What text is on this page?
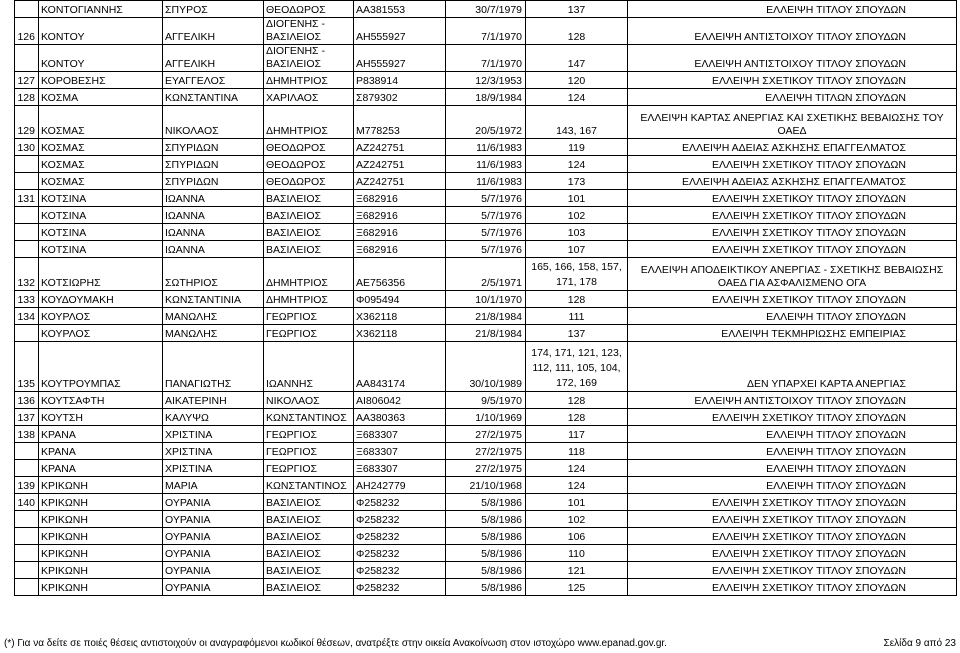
	ΚΟΝΤΟΓΙΑΝΝΗΣ	ΣΠΥΡΟΣ	ΘΕΟΔΩΡΟΣ	ΑΑ381553	30/7/1979	137	ΕΛΛΕΙΨΗ ΤΙΤΛΟΥ ΣΠΟΥΔΩΝ
126	ΚΟΝΤΟΥ	ΑΓΓΕΛΙΚΗ	ΔΙΟΓΕΝΗΣ - ΒΑΣΙΛΕΙΟΣ	ΑΗ555927	7/1/1970	128	ΕΛΛΕΙΨΗ ΑΝΤΙΣΤΟΙΧΟΥ ΤΙΤΛΟΥ ΣΠΟΥΔΩΝ
	ΚΟΝΤΟΥ	ΑΓΓΕΛΙΚΗ	ΔΙΟΓΕΝΗΣ - ΒΑΣΙΛΕΙΟΣ	ΑΗ555927	7/1/1970	147	ΕΛΛΕΙΨΗ ΑΝΤΙΣΤΟΙΧΟΥ ΤΙΤΛΟΥ ΣΠΟΥΔΩΝ
127	ΚΟΡΟΒΕΣΗΣ	ΕΥΑΓΓΕΛΟΣ	ΔΗΜΗΤΡΙΟΣ	Ρ838914	12/3/1953	120	ΕΛΛΕΙΨΗ ΣΧΕΤΙΚΟΥ ΤΙΤΛΟΥ ΣΠΟΥΔΩΝ
128	ΚΟΣΜΑ	ΚΩΝΣΤΑΝΤΙΝΑ	ΧΑΡΙΛΑΟΣ	Σ879302	18/9/1984	124	ΕΛΛΕΙΨΗ ΤΙΤΛΩΝ ΣΠΟΥΔΩΝ
129	ΚΟΣΜΑΣ	ΝΙΚΟΛΑΟΣ	ΔΗΜΗΤΡΙΟΣ	Μ778253	20/5/1972	143, 167	ΕΛΛΕΙΨΗ ΚΑΡΤΑΣ ΑΝΕΡΓΙΑΣ ΚΑΙ ΣΧΕΤΙΚΗΣ ΒΕΒΑΙΩΣΗΣ ΤΟΥ ΟΑΕΔ
130	ΚΟΣΜΑΣ	ΣΠΥΡΙΔΩΝ	ΘΕΟΔΩΡΟΣ	ΑΖ242751	11/6/1983	119	ΕΛΛΕΙΨΗ ΑΔΕΙΑΣ ΑΣΚΗΣΗΣ ΕΠΑΓΓΕΛΜΑΤΟΣ
	ΚΟΣΜΑΣ	ΣΠΥΡΙΔΩΝ	ΘΕΟΔΩΡΟΣ	ΑΖ242751	11/6/1983	124	ΕΛΛΕΙΨΗ ΣΧΕΤΙΚΟΥ ΤΙΤΛΟΥ ΣΠΟΥΔΩΝ
	ΚΟΣΜΑΣ	ΣΠΥΡΙΔΩΝ	ΘΕΟΔΩΡΟΣ	ΑΖ242751	11/6/1983	173	ΕΛΛΕΙΨΗ ΑΔΕΙΑΣ ΑΣΚΗΣΗΣ ΕΠΑΓΓΕΛΜΑΤΟΣ
131	ΚΟΤΣΙΝΑ	ΙΩΑΝΝΑ	ΒΑΣΙΛΕΙΟΣ	Ξ682916	5/7/1976	101	ΕΛΛΕΙΨΗ ΣΧΕΤΙΚΟΥ ΤΙΤΛΟΥ ΣΠΟΥΔΩΝ
	ΚΟΤΣΙΝΑ	ΙΩΑΝΝΑ	ΒΑΣΙΛΕΙΟΣ	Ξ682916	5/7/1976	102	ΕΛΛΕΙΨΗ ΣΧΕΤΙΚΟΥ ΤΙΤΛΟΥ ΣΠΟΥΔΩΝ
	ΚΟΤΣΙΝΑ	ΙΩΑΝΝΑ	ΒΑΣΙΛΕΙΟΣ	Ξ682916	5/7/1976	103	ΕΛΛΕΙΨΗ ΣΧΕΤΙΚΟΥ ΤΙΤΛΟΥ ΣΠΟΥΔΩΝ
	ΚΟΤΣΙΝΑ	ΙΩΑΝΝΑ	ΒΑΣΙΛΕΙΟΣ	Ξ682916	5/7/1976	107	ΕΛΛΕΙΨΗ ΣΧΕΤΙΚΟΥ ΤΙΤΛΟΥ ΣΠΟΥΔΩΝ
132	ΚΟΤΣΙΩΡΗΣ	ΣΩΤΗΡΙΟΣ	ΔΗΜΗΤΡΙΟΣ	ΑΕ756356	2/5/1971	165, 166, 158, 157, 171, 178	ΕΛΛΕΙΨΗ ΑΠΟΔΕΙΚΤΙΚΟΥ ΑΝΕΡΓΙΑΣ - ΣΧΕΤΙΚΗΣ ΒΕΒΑΙΩΣΗΣ ΟΑΕΔ ΓΙΑ ΑΣΦΑΛΙΣΜΕΝΟ ΟΓΑ
133	ΚΟΥΔΟΥΜΑΚΗ	ΚΩΝΣΤΑΝΤΙΝΙΑ	ΔΗΜΗΤΡΙΟΣ	Φ095494	10/1/1970	128	ΕΛΛΕΙΨΗ ΣΧΕΤΙΚΟΥ ΤΙΤΛΟΥ ΣΠΟΥΔΩΝ
134	ΚΟΥΡΛΟΣ	ΜΑΝΩΛΗΣ	ΓΕΩΡΓΙΟΣ	Χ362118	21/8/1984	111	ΕΛΛΕΙΨΗ ΤΙΤΛΟΥ ΣΠΟΥΔΩΝ
	ΚΟΥΡΛΟΣ	ΜΑΝΩΛΗΣ	ΓΕΩΡΓΙΟΣ	Χ362118	21/8/1984	137	ΕΛΛΕΙΨΗ ΤΕΚΜΗΡΙΩΣΗΣ ΕΜΠΕΙΡΙΑΣ
135	ΚΟΥΤΡΟΥΜΠΑΣ	ΠΑΝΑΓΙΩΤΗΣ	ΙΩΑΝΝΗΣ	ΑΑ843174	30/10/1989	174, 171, 121, 123, 112, 111, 105, 104, 172, 169	ΔΕΝ ΥΠΑΡΧΕΙ ΚΑΡΤΑ ΑΝΕΡΓΙΑΣ
136	ΚΟΥΤΣΑΦΤΗ	ΑΙΚΑΤΕΡΙΝΗ	ΝΙΚΟΛΑΟΣ	ΑΙ806042	9/5/1970	128	ΕΛΛΕΙΨΗ ΑΝΤΙΣΤΟΙΧΟΥ ΤΙΤΛΟΥ ΣΠΟΥΔΩΝ
137	ΚΟΥΤΣΗ	ΚΑΛΥΨΩ	ΚΩΝΣΤΑΝΤΙΝΟΣ	ΑΑ380363	1/10/1969	128	ΕΛΛΕΙΨΗ ΣΧΕΤΙΚΟΥ ΤΙΤΛΟΥ ΣΠΟΥΔΩΝ
138	ΚΡΑΝΑ	ΧΡΙΣΤΙΝΑ	ΓΕΩΡΓΙΟΣ	Ξ683307	27/2/1975	117	ΕΛΛΕΙΨΗ ΤΙΤΛΟΥ ΣΠΟΥΔΩΝ
	ΚΡΑΝΑ	ΧΡΙΣΤΙΝΑ	ΓΕΩΡΓΙΟΣ	Ξ683307	27/2/1975	118	ΕΛΛΕΙΨΗ ΤΙΤΛΟΥ ΣΠΟΥΔΩΝ
	ΚΡΑΝΑ	ΧΡΙΣΤΙΝΑ	ΓΕΩΡΓΙΟΣ	Ξ683307	27/2/1975	124	ΕΛΛΕΙΨΗ ΤΙΤΛΟΥ ΣΠΟΥΔΩΝ
139	ΚΡΙΚΩΝΗ	ΜΑΡΙΑ	ΚΩΝΣΤΑΝΤΙΝΟΣ	ΑΗ242779	21/10/1968	124	ΕΛΛΕΙΨΗ ΤΙΤΛΟΥ ΣΠΟΥΔΩΝ
140	ΚΡΙΚΩΝΗ	ΟΥΡΑΝΙΑ	ΒΑΣΙΛΕΙΟΣ	Φ258232	5/8/1986	101	ΕΛΛΕΙΨΗ ΣΧΕΤΙΚΟΥ ΤΙΤΛΟΥ ΣΠΟΥΔΩΝ
	ΚΡΙΚΩΝΗ	ΟΥΡΑΝΙΑ	ΒΑΣΙΛΕΙΟΣ	Φ258232	5/8/1986	102	ΕΛΛΕΙΨΗ ΣΧΕΤΙΚΟΥ ΤΙΤΛΟΥ ΣΠΟΥΔΩΝ
	ΚΡΙΚΩΝΗ	ΟΥΡΑΝΙΑ	ΒΑΣΙΛΕΙΟΣ	Φ258232	5/8/1986	106	ΕΛΛΕΙΨΗ ΣΧΕΤΙΚΟΥ ΤΙΤΛΟΥ ΣΠΟΥΔΩΝ
	ΚΡΙΚΩΝΗ	ΟΥΡΑΝΙΑ	ΒΑΣΙΛΕΙΟΣ	Φ258232	5/8/1986	110	ΕΛΛΕΙΨΗ ΣΧΕΤΙΚΟΥ ΤΙΤΛΟΥ ΣΠΟΥΔΩΝ
	ΚΡΙΚΩΝΗ	ΟΥΡΑΝΙΑ	ΒΑΣΙΛΕΙΟΣ	Φ258232	5/8/1986	121	ΕΛΛΕΙΨΗ ΣΧΕΤΙΚΟΥ ΤΙΤΛΟΥ ΣΠΟΥΔΩΝ
	ΚΡΙΚΩΝΗ	ΟΥΡΑΝΙΑ	ΒΑΣΙΛΕΙΟΣ	Φ258232	5/8/1986	125	ΕΛΛΕΙΨΗ ΣΧΕΤΙΚΟΥ ΤΙΤΛΟΥ ΣΠΟΥΔΩΝ
(*) Για να δείτε σε ποιές θέσεις αντιστοιχούν οι αναγραφόμενοι κωδικοί θέσεων, ανατρέξτε στην οικεία Ανακοίνωση στον ιστοχώρο www.epanad.gov.gr.	Σελίδα 9 από 23
